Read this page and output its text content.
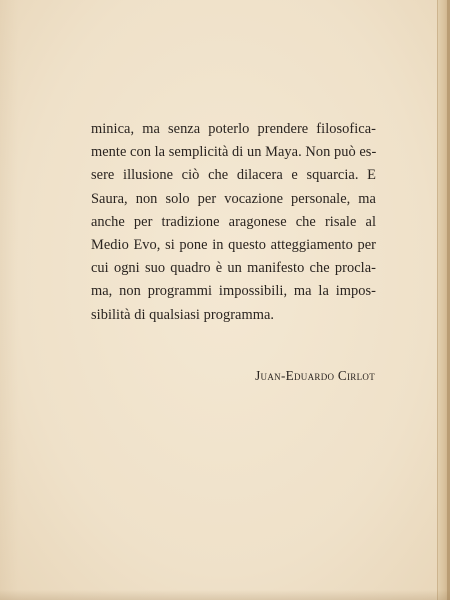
minica, ma senza poterlo prendere filosofica-
mente con la semplicità di un Maya. Non può es-
sere illusione ciò che dilacera e squarcia. E
Saura, non solo per vocazione personale, ma
anche per tradizione aragonese che risale al
Medio Evo, si pone in questo atteggiamento per
cui ogni suo quadro è un manifesto che procla-
ma, non programmi impossibili, ma la impos-
sibilità di qualsiasi programma.
Juan-Eduardo Cirlot
